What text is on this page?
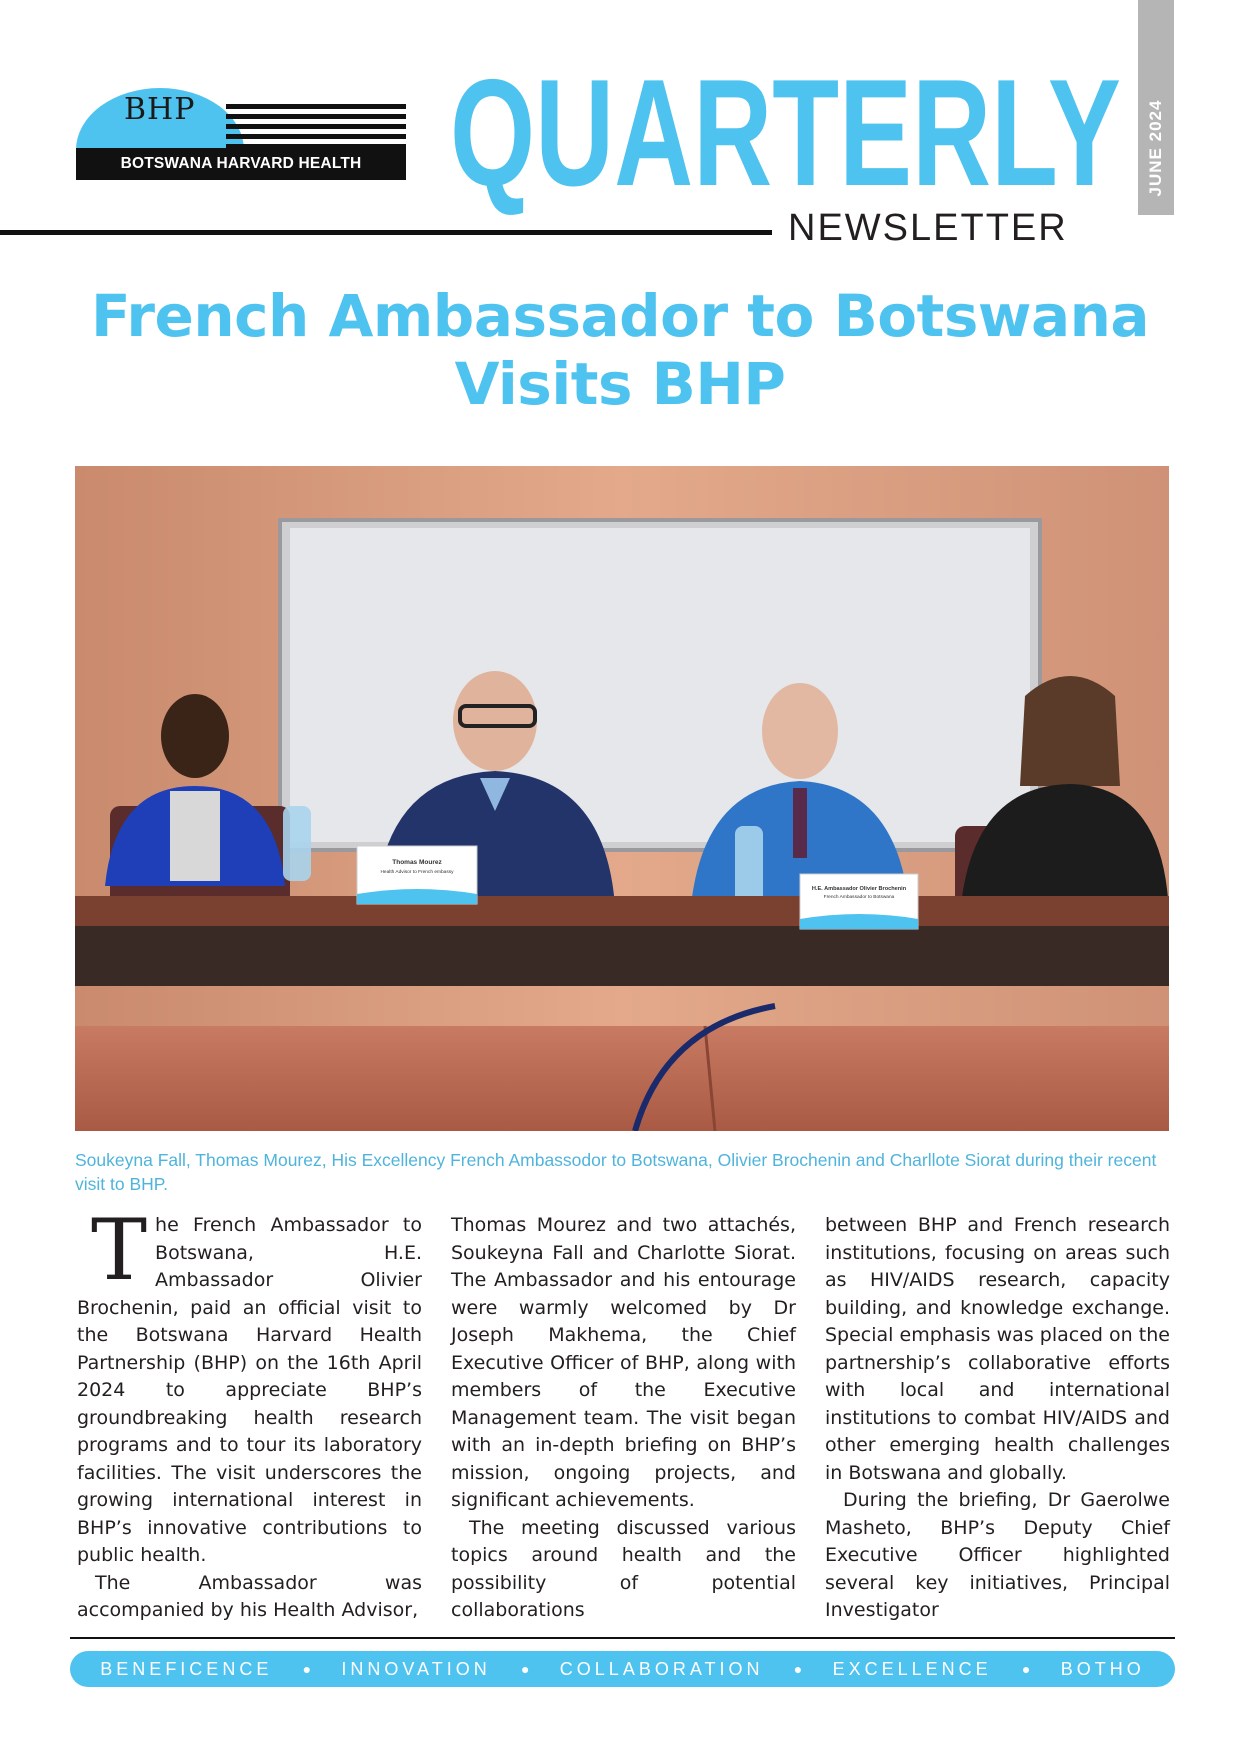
BHP
BOTSWANA HARVARD HEALTH PARTNERSHIP	QUARTERLY
NEWSLETTER
JUNE 2024
French Ambassador to Botswana
Visits BHP
Thomas Mourez
Health Advisor to French embassy
H.E. Ambassador Olivier Brochenin
French Ambassador to Botswana
Soukeyna Fall, Thomas Mourez, His Excellency French Ambassodor to Botswana, Olivier Brochenin and Charllote Siorat during their recent visit to BHP.

The French Ambassador to Botswana, H.E. Ambassador Olivier Brochenin, paid an official visit to the Botswana Harvard Health Partnership (BHP) on the 16th April 2024 to appreciate BHP’s groundbreaking health research programs and to tour its laboratory facilities. The visit underscores the growing international interest in BHP’s innovative contributions to public health.

The Ambassador was accompanied by his Health Advisor,

Thomas Mourez and two attachés, Soukeyna Fall and Charlotte Siorat. The Ambassador and his entourage were warmly welcomed by Dr Joseph Makhema, the Chief Executive Officer of BHP, along with members of the Executive Management team. The visit began with an in-depth briefing on BHP’s mission, ongoing projects, and significant achievements.

The meeting discussed various topics around health and the possibility of potential collaborations

between BHP and French research institutions, focusing on areas such as HIV/AIDS research, capacity building, and knowledge exchange. Special emphasis was placed on the partnership’s collaborative efforts with local and international institutions to combat HIV/AIDS and other emerging health challenges in Botswana and globally.

During the briefing, Dr Gaerolwe Masheto, BHP’s Deputy Chief Executive Officer highlighted several key initiatives, Principal Investigator

BENEFICENCE ● INNOVATION ● COLLABORATION ● EXCELLENCE ● BOTHO
